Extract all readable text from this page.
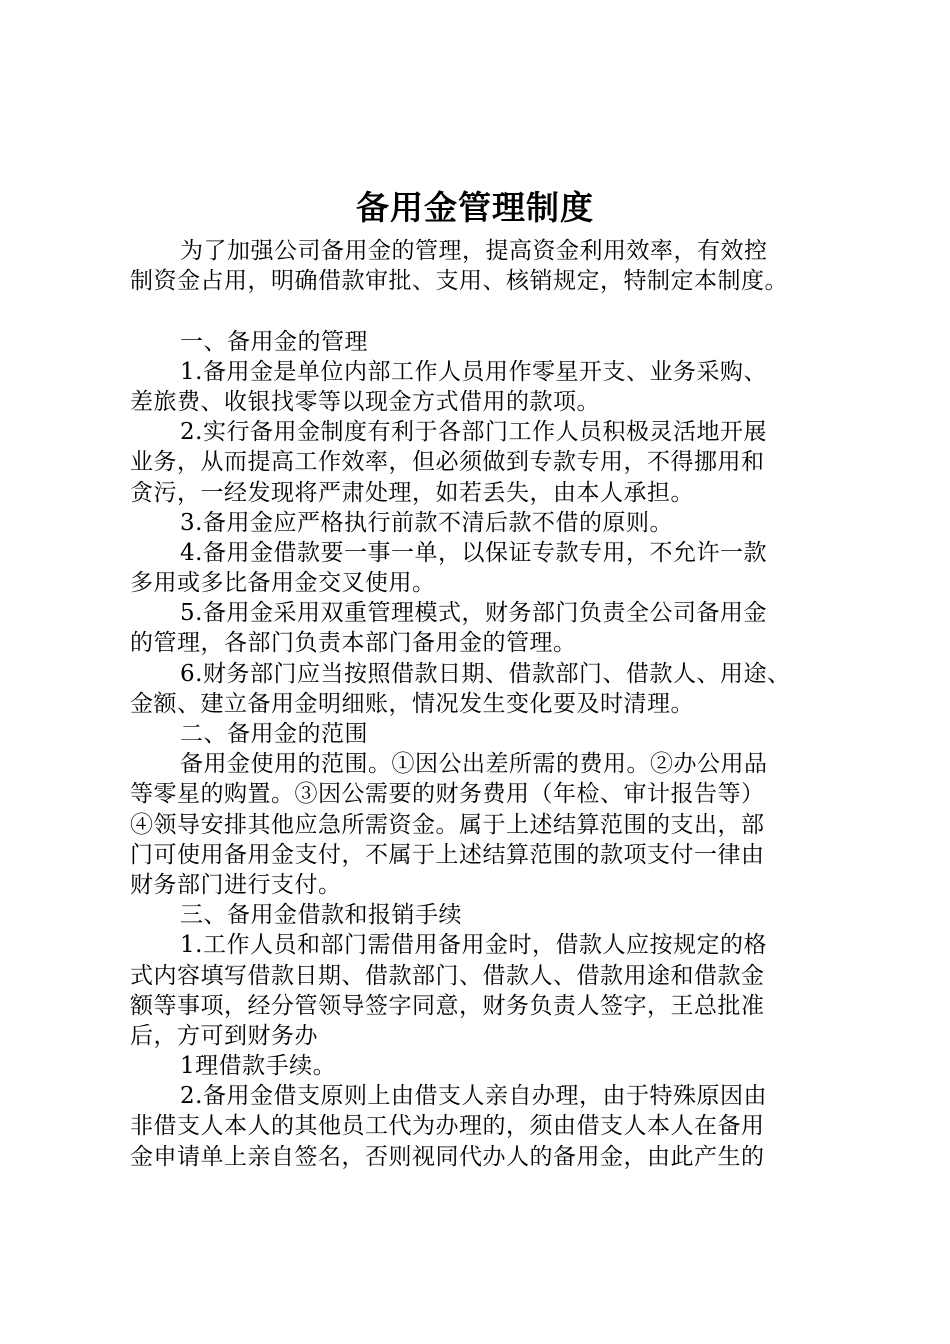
备用金管理制度
为了加强公司备用金的管理，提高资金利用效率，有效控
制资金占用，明确借款审批、支用、核销规定，特制定本制度。
一、备用金的管理
1.备用金是单位内部工作人员用作零星开支、业务采购、
差旅费、收银找零等以现金方式借用的款项。
2.实行备用金制度有利于各部门工作人员积极灵活地开展
业务，从而提高工作效率，但必须做到专款专用，不得挪用和
贪污，一经发现将严肃处理，如若丢失，由本人承担。
3.备用金应严格执行前款不清后款不借的原则。
4.备用金借款要一事一单，以保证专款专用，不允许一款
多用或多比备用金交叉使用。
5.备用金采用双重管理模式，财务部门负责全公司备用金
的管理，各部门负责本部门备用金的管理。
6.财务部门应当按照借款日期、借款部门、借款人、用途、
金额、建立备用金明细账，情况发生变化要及时清理。
二、备用金的范围
备用金使用的范围。①因公出差所需的费用。②办公用品
等零星的购置。③因公需要的财务费用（年检、审计报告等）
④领导安排其他应急所需资金。属于上述结算范围的支出，部
门可使用备用金支付，不属于上述结算范围的款项支付一律由
财务部门进行支付。
三、备用金借款和报销手续
1.工作人员和部门需借用备用金时，借款人应按规定的格
式内容填写借款日期、借款部门、借款人、借款用途和借款金
额等事项，经分管领导签字同意，财务负责人签字，王总批准
后，方可到财务办
1理借款手续。
2.备用金借支原则上由借支人亲自办理，由于特殊原因由
非借支人本人的其他员工代为办理的，须由借支人本人在备用
金申请单上亲自签名，否则视同代办人的备用金，由此产生的
